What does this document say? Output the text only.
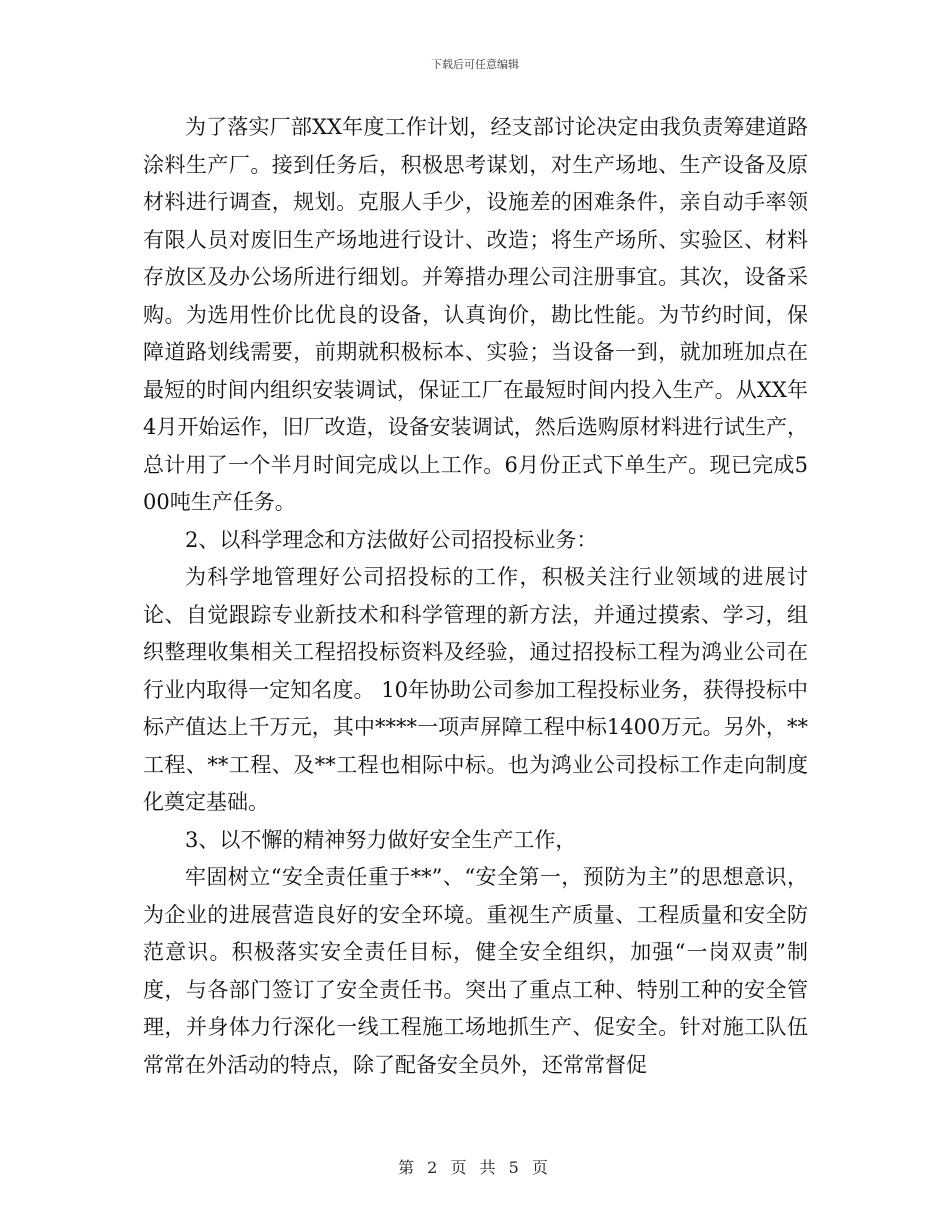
下载后可任意编辑

为了落实厂部XX年度工作计划，经支部讨论决定由我负责筹建道路涂料生产厂。接到任务后，积极思考谋划，对生产场地、生产设备及原材料进行调查，规划。克服人手少，设施差的困难条件，亲自动手率领有限人员对废旧生产场地进行设计、改造；将生产场所、实验区、材料存放区及办公场所进行细划。并筹措办理公司注册事宜。其次，设备采购。为选用性价比优良的设备，认真询价，勘比性能。为节约时间，保障道路划线需要，前期就积极标本、实验；当设备一到，就加班加点在最短的时间内组织安装调试，保证工厂在最短时间内投入生产。从XX年4月开始运作，旧厂改造，设备安装调试，然后选购原材料进行试生产，总计用了一个半月时间完成以上工作。6月份正式下单生产。现已完成500吨生产任务。

2、以科学理念和方法做好公司招投标业务：

为科学地管理好公司招投标的工作，积极关注行业领域的进展讨论、自觉跟踪专业新技术和科学管理的新方法，并通过摸索、学习，组织整理收集相关工程招投标资料及经验，通过招投标工程为鸿业公司在行业内取得一定知名度。 10年协助公司参加工程投标业务，获得投标中标产值达上千万元，其中****一项声屏障工程中标1400万元。另外，**工程、**工程、及**工程也相际中标。也为鸿业公司投标工作走向制度化奠定基础。

3、以不懈的精神努力做好安全生产工作，

牢固树立“安全责任重于**”、“安全第一，预防为主”的思想意识，为企业的进展营造良好的安全环境。重视生产质量、工程质量和安全防范意识。积极落实安全责任目标，健全安全组织，加强“一岗双责”制度，与各部门签订了安全责任书。突出了重点工种、特别工种的安全管理，并身体力行深化一线工程施工场地抓生产、促安全。针对施工队伍常常在外活动的特点，除了配备安全员外，还常常督促

第 2 页 共 5 页
